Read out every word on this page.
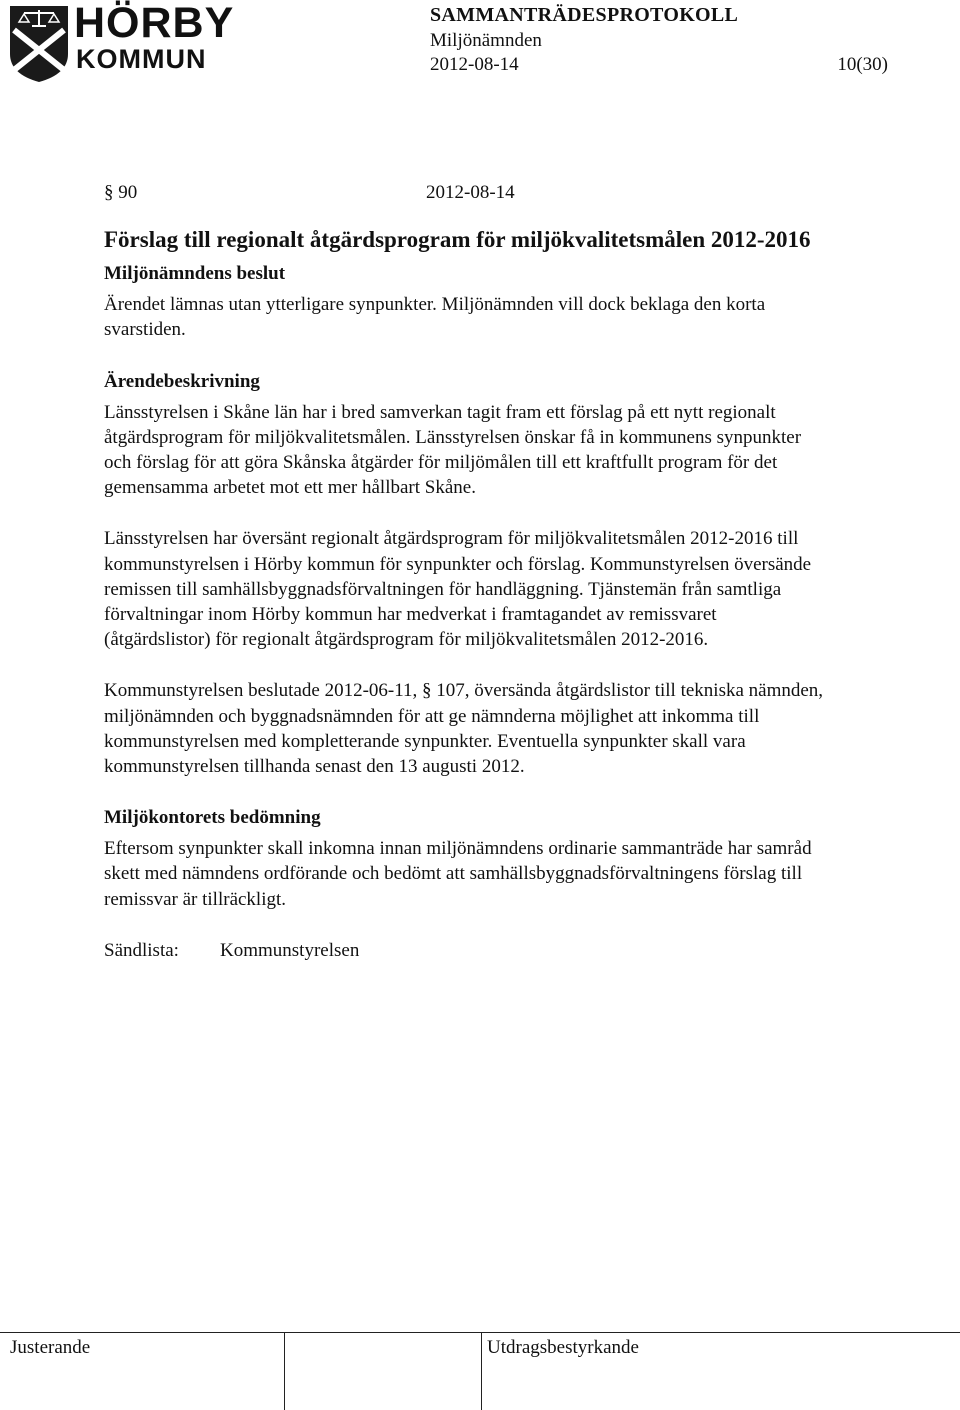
HÖRBY
KOMMUN
SAMMANTRÄDESPROTOKOLL
Miljönämnden
2012-08-14	10(30)
§ 90	2012-08-14
Förslag till regionalt åtgärdsprogram för miljökvalitetsmålen 2012-2016
Miljönämndens beslut

Ärendet lämnas utan ytterligare synpunkter. Miljönämnden vill dock beklaga den korta svarstiden.

Ärendebeskrivning

Länsstyrelsen i Skåne län har i bred samverkan tagit fram ett förslag på ett nytt regionalt åtgärdsprogram för miljökvalitetsmålen. Länsstyrelsen önskar få in kommunens synpunkter och förslag för att göra Skånska åtgärder för miljömålen till ett kraftfullt program för det gemensamma arbetet mot ett mer hållbart Skåne.

Länsstyrelsen har översänt regionalt åtgärdsprogram för miljökvalitetsmålen 2012-2016 till kommunstyrelsen i Hörby kommun för synpunkter och förslag. Kommunstyrelsen översände remissen till samhällsbyggnadsförvaltningen för handläggning. Tjänstemän från samtliga förvaltningar inom Hörby kommun har medverkat i framtagandet av remissvaret (åtgärdslistor) för regionalt åtgärdsprogram för miljökvalitetsmålen 2012-2016.

Kommunstyrelsen beslutade 2012-06-11, § 107, översända åtgärdslistor till tekniska nämnden, miljönämnden och byggnadsnämnden för att ge nämnderna möjlighet att inkomma till kommunstyrelsen med kompletterande synpunkter. Eventuella synpunkter skall vara kommunstyrelsen tillhanda senast den 13 augusti 2012.

Miljökontorets bedömning

Eftersom synpunkter skall inkomna innan miljönämndens ordinarie sammanträde har samråd skett med nämndens ordförande och bedömt att samhällsbyggnadsförvaltningens förslag till remissvar är tillräckligt.

Sändlista:	Kommunstyrelsen
Justerande	Utdragsbestyrkande
